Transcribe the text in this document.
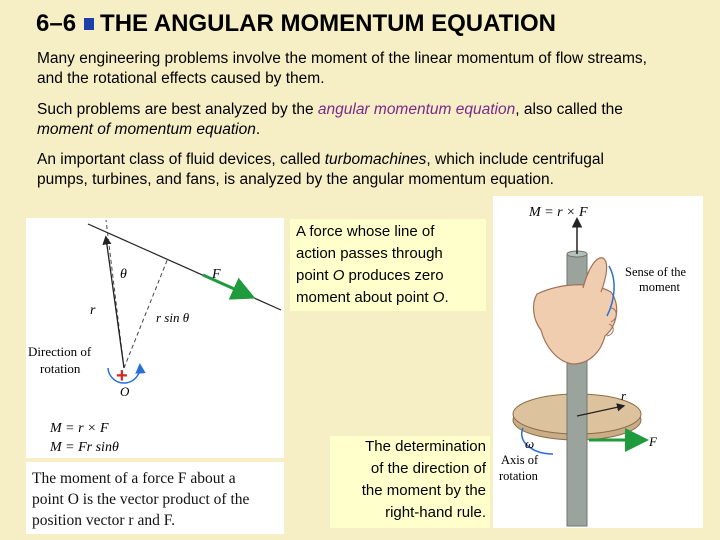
6–6 THE ANGULAR MOMENTUM EQUATION
Many engineering problems involve the moment of the linear momentum of flow streams, and the rotational effects caused by them.
Such problems are best analyzed by the angular momentum equation, also called the moment of momentum equation.
An important class of fluid devices, called turbomachines, which include centrifugal pumps, turbines, and fans, is analyzed by the angular momentum equation.
θ	F
r	r sin θ
Direction of
rotation +
O
M = r × F
M = Fr sinθ
The moment of a force F about a
point O is the vector product of the
position vector r and F.
A force whose line of
action passes through
point O produces zero
moment about point O.
The determination
of the direction of
the moment by the
right-hand rule.
M = r × F
Sense of the
moment
ω
r
F
Axis of
rotation
